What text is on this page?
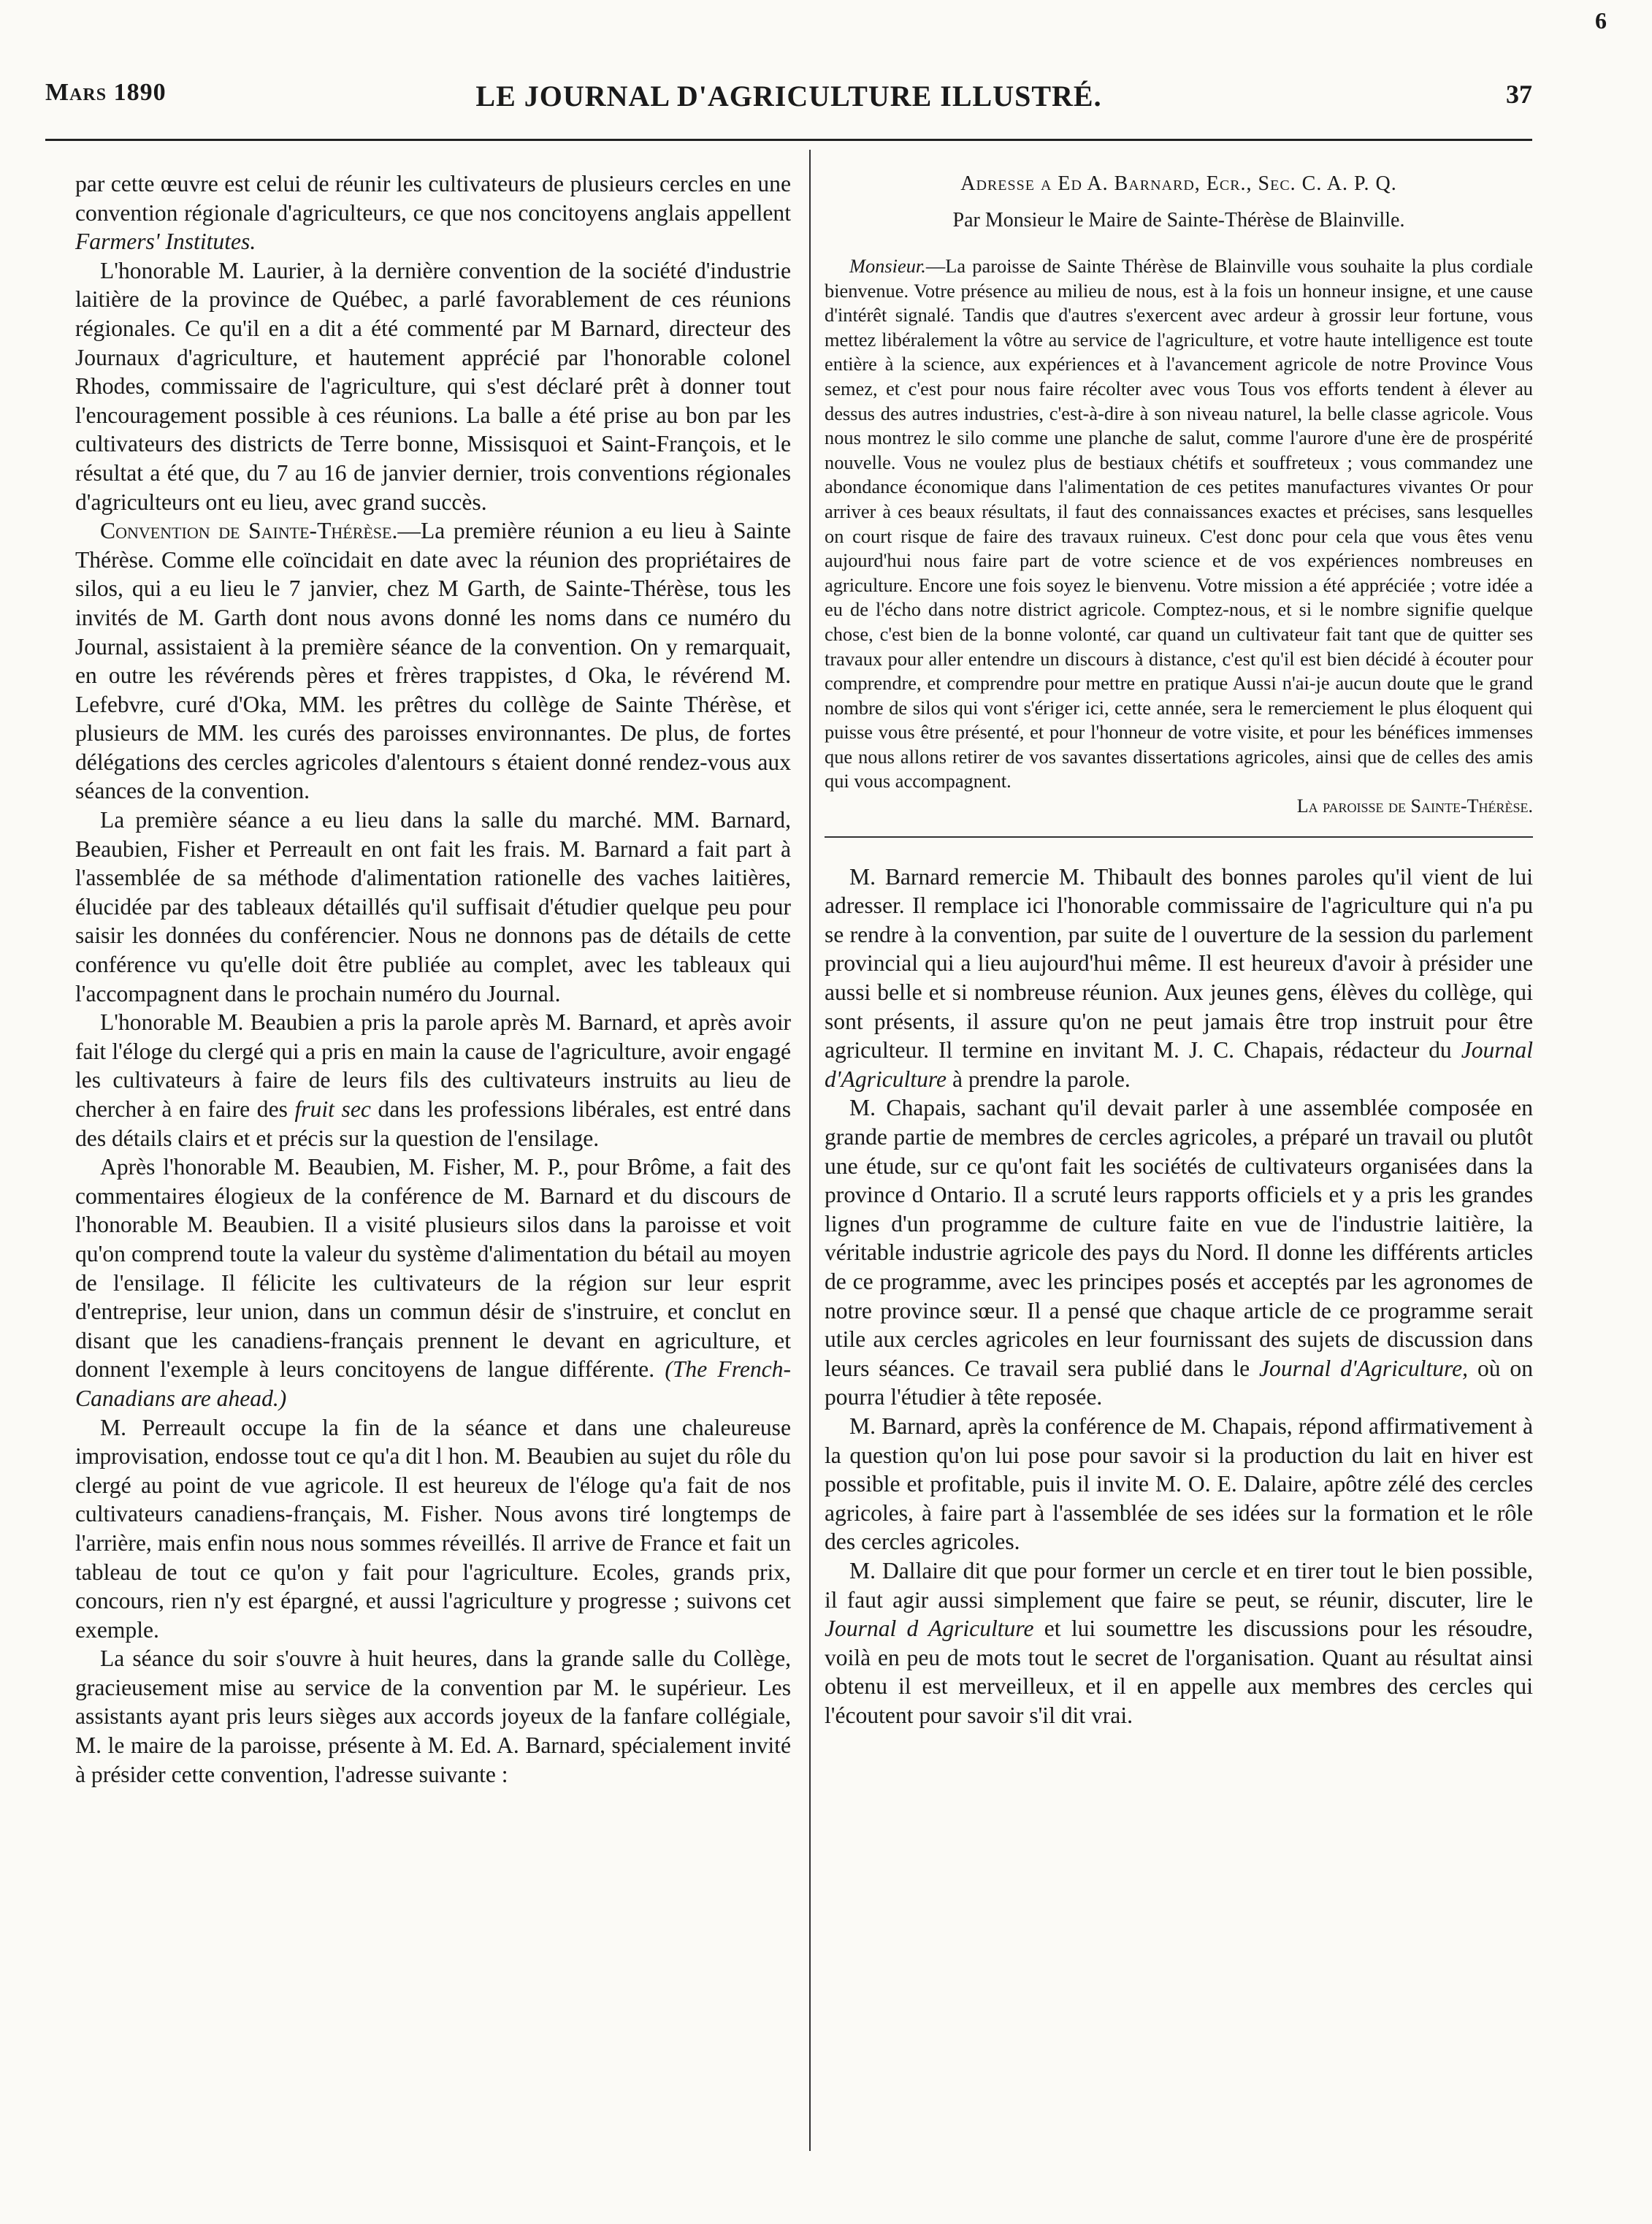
6
Mars 1890	LE JOURNAL D'AGRICULTURE ILLUSTRÉ.	37

par cette œuvre est celui de réunir les cultivateurs de plusieurs cercles en une convention régionale d'agriculteurs, ce que nos concitoyens anglais appellent Farmers' Institutes.

L'honorable M. Laurier, à la dernière convention de la société d'industrie laitière de la province de Québec, a parlé favorablement de ces réunions régionales. Ce qu'il en a dit a été commenté par M Barnard, directeur des Journaux d'agriculture, et hautement apprécié par l'honorable colonel Rhodes, commissaire de l'agriculture, qui s'est déclaré prêt à donner tout l'encouragement possible à ces réunions. La balle a été prise au bon par les cultivateurs des districts de Terre bonne, Missisquoi et Saint-François, et le résultat a été que, du 7 au 16 de janvier dernier, trois conventions régionales d'agriculteurs ont eu lieu, avec grand succès.

Convention de Sainte-Thérèse.—La première réunion a eu lieu à Sainte Thérèse. Comme elle coïncidait en date avec la réunion des propriétaires de silos, qui a eu lieu le 7 janvier, chez M Garth, de Sainte-Thérèse, tous les invités de M. Garth dont nous avons donné les noms dans ce numéro du Journal, assistaient à la première séance de la convention. On y remarquait, en outre les révérends pères et frères trappistes, d Oka, le révérend M. Lefebvre, curé d'Oka, MM. les prêtres du collège de Sainte Thérèse, et plusieurs de MM. les curés des paroisses environnantes. De plus, de fortes délégations des cercles agricoles d'alentours s étaient donné rendez-vous aux séances de la convention.

La première séance a eu lieu dans la salle du marché. MM. Barnard, Beaubien, Fisher et Perreault en ont fait les frais. M. Barnard a fait part à l'assemblée de sa méthode d'alimentation rationelle des vaches laitières, élucidée par des tableaux détaillés qu'il suffisait d'étudier quelque peu pour saisir les données du conférencier. Nous ne donnons pas de détails de cette conférence vu qu'elle doit être publiée au complet, avec les tableaux qui l'accompagnent dans le prochain numéro du Journal.

L'honorable M. Beaubien a pris la parole après M. Barnard, et après avoir fait l'éloge du clergé qui a pris en main la cause de l'agriculture, avoir engagé les cultivateurs à faire de leurs fils des cultivateurs instruits au lieu de chercher à en faire des fruit sec dans les professions libérales, est entré dans des détails clairs et et précis sur la question de l'ensilage.

Après l'honorable M. Beaubien, M. Fisher, M. P., pour Brôme, a fait des commentaires élogieux de la conférence de M. Barnard et du discours de l'honorable M. Beaubien. Il a visité plusieurs silos dans la paroisse et voit qu'on comprend toute la valeur du système d'alimentation du bétail au moyen de l'ensilage. Il félicite les cultivateurs de la région sur leur esprit d'entreprise, leur union, dans un commun désir de s'instruire, et conclut en disant que les canadiens-français prennent le devant en agriculture, et donnent l'exemple à leurs concitoyens de langue différente. (The French-Canadians are ahead.)

M. Perreault occupe la fin de la séance et dans une chaleureuse improvisation, endosse tout ce qu'a dit l hon. M. Beaubien au sujet du rôle du clergé au point de vue agricole. Il est heureux de l'éloge qu'a fait de nos cultivateurs canadiens-français, M. Fisher. Nous avons tiré longtemps de l'arrière, mais enfin nous nous sommes réveillés. Il arrive de France et fait un tableau de tout ce qu'on y fait pour l'agriculture. Ecoles, grands prix, concours, rien n'y est épargné, et aussi l'agriculture y progresse ; suivons cet exemple.

La séance du soir s'ouvre à huit heures, dans la grande salle du Collège, gracieusement mise au service de la convention par M. le supérieur. Les assistants ayant pris leurs sièges aux accords joyeux de la fanfare collégiale, M. le maire de la paroisse, présente à M. Ed. A. Barnard, spécialement invité à présider cette convention, l'adresse suivante :

Adresse a Ed A. Barnard, Ecr., Sec. C. A. P. Q.
Par Monsieur le Maire de Sainte-Thérèse de Blainville.

Monsieur.—La paroisse de Sainte Thérèse de Blainville vous souhaite la plus cordiale bienvenue. Votre présence au milieu de nous, est à la fois un honneur insigne, et une cause d'intérêt signalé. Tandis que d'autres s'exercent avec ardeur à grossir leur fortune, vous mettez libéralement la vôtre au service de l'agriculture, et votre haute intelligence est toute entière à la science, aux expériences et à l'avancement agricole de notre Province Vous semez, et c'est pour nous faire récolter avec vous Tous vos efforts tendent à élever au dessus des autres industries, c'est-à-dire à son niveau naturel, la belle classe agricole. Vous nous montrez le silo comme une planche de salut, comme l'aurore d'une ère de prospérité nouvelle. Vous ne voulez plus de bestiaux chétifs et souffreteux ; vous commandez une abondance économique dans l'alimentation de ces petites manufactures vivantes Or pour arriver à ces beaux résultats, il faut des connaissances exactes et précises, sans lesquelles on court risque de faire des travaux ruineux. C'est donc pour cela que vous êtes venu aujourd'hui nous faire part de votre science et de vos expériences nombreuses en agriculture. Encore une fois soyez le bienvenu. Votre mission a été appréciée ; votre idée a eu de l'écho dans notre district agricole. Comptez-nous, et si le nombre signifie quelque chose, c'est bien de la bonne volonté, car quand un cultivateur fait tant que de quitter ses travaux pour aller entendre un discours à distance, c'est qu'il est bien décidé à écouter pour comprendre, et comprendre pour mettre en pratique Aussi n'ai-je aucun doute que le grand nombre de silos qui vont s'ériger ici, cette année, sera le remerciement le plus éloquent qui puisse vous être présenté, et pour l'honneur de votre visite, et pour les bénéfices immenses que nous allons retirer de vos savantes dissertations agricoles, ainsi que de celles des amis qui vous accompagnent.

La paroisse de Sainte-Thérèse.

M. Barnard remercie M. Thibault des bonnes paroles qu'il vient de lui adresser. Il remplace ici l'honorable commissaire de l'agriculture qui n'a pu se rendre à la convention, par suite de l ouverture de la session du parlement provincial qui a lieu aujourd'hui même. Il est heureux d'avoir à présider une aussi belle et si nombreuse réunion. Aux jeunes gens, élèves du collège, qui sont présents, il assure qu'on ne peut jamais être trop instruit pour être agriculteur. Il termine en invitant M. J. C. Chapais, rédacteur du Journal d'Agriculture à prendre la parole.

M. Chapais, sachant qu'il devait parler à une assemblée composée en grande partie de membres de cercles agricoles, a préparé un travail ou plutôt une étude, sur ce qu'ont fait les sociétés de cultivateurs organisées dans la province d Ontario. Il a scruté leurs rapports officiels et y a pris les grandes lignes d'un programme de culture faite en vue de l'industrie laitière, la véritable industrie agricole des pays du Nord. Il donne les différents articles de ce programme, avec les principes posés et acceptés par les agronomes de notre province sœur. Il a pensé que chaque article de ce programme serait utile aux cercles agricoles en leur fournissant des sujets de discussion dans leurs séances. Ce travail sera publié dans le Journal d'Agriculture, où on pourra l'étudier à tête reposée.

M. Barnard, après la conférence de M. Chapais, répond affirmativement à la question qu'on lui pose pour savoir si la production du lait en hiver est possible et profitable, puis il invite M. O. E. Dalaire, apôtre zélé des cercles agricoles, à faire part à l'assemblée de ses idées sur la formation et le rôle des cercles agricoles.

M. Dallaire dit que pour former un cercle et en tirer tout le bien possible, il faut agir aussi simplement que faire se peut, se réunir, discuter, lire le Journal d Agriculture et lui soumettre les discussions pour les résoudre, voilà en peu de mots tout le secret de l'organisation. Quant au résultat ainsi obtenu il est merveilleux, et il en appelle aux membres des cercles qui l'écoutent pour savoir s'il dit vrai.
